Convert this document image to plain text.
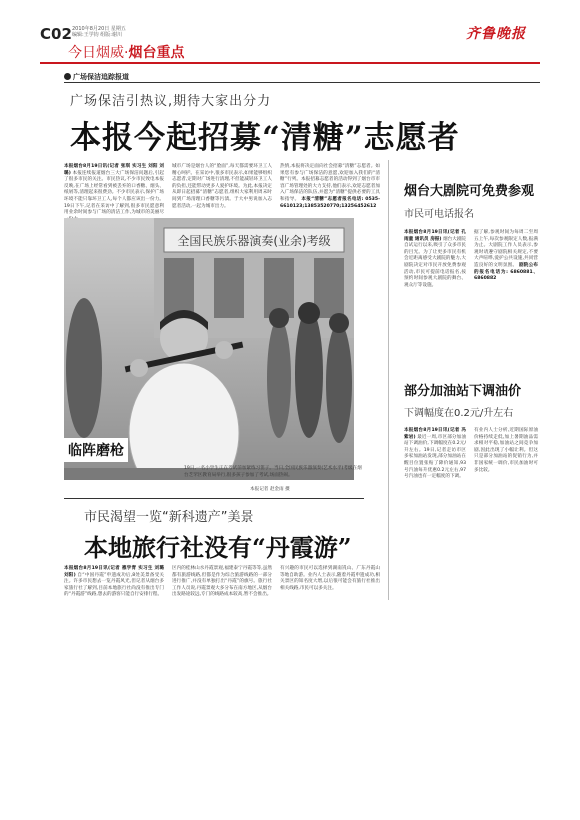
C02 2010年8月20日 星期五
编辑:王学钧 组版:谢川	齐鲁晚报
今日烟威·烟台重点
广场保洁追踪报道
广场保洁引热议,期待大家出分力
本报今起招募“清糖”志愿者
本报烟台8月19日讯(记者 张琪 实习生 刘阳 刘璐) 本报连续报道烟台三大广场保洁问题后,引起了很多市民的关注。市民热议,不少市民致电本报反映,在广场上经常看到被丢弃的口香糖、烟头、纸屑等,清理起来很费劲。不少市民表示,保护广场环境不能只靠环卫工人,每个人都应该出一份力。19日下午,记者在采访中了解到,很多市民愿意利用业余时间参与广场的清洁工作,为城市的美丽尽
城市广场是烟台人的“脸面”,每天都需要环卫工人精心呵护。在采访中,很多市民表示,如果能够组织志愿者,定期对广场进行清理,不但能减轻环卫工人的负担,还能带动更多人爱护环境。为此,本报决定从即日起招募“清糖”志愿者,组织大家利用周末时间到广场清理口香糖等污渍。于大中男说加入志愿者活动,一起为城市出力。
热情,本报将决定面向社会招募“清糖”志愿者。如果您有参与广场保洁的意愿,欢迎加入我们的“清糖”行列。本报招募志愿者的活动得到了烟台市市容广场管理处的大力支持,他们表示,欢迎志愿者加入广场保洁的队伍,并愿为“清糖”提供必要的工具和指导。 本报“清糖”志愿者报名电话: 0535-6610123;13853520770;13256452612
全国民族乐器演奏(业余)考级
临阵磨枪
19日,一名小学生正在考试前加紧练习笛子。当日,全国民族乐器演奏(艺术水平)考级在烟台芝罘区教育局举行,很多孩子参加了考试,场面热闹。
本报记者 赵金雨 摄
市民渴望一览“新科遗产”美景
本地旅行社没有“丹霞游”
本报烟台8月19日讯(记者 惠学青 实习生 刘璐 刘阳) 自“中国丹霞”申遗成功后,8处美景备受关注。许多市民想去一览丹霞风光,但记者从烟台多家旅行社了解到,目前本地旅行社尚没有推出专门的“丹霞游”线路,想去的游客只能自行安排行程。
区内的桂林山水丹霞景观,福建泰宁丹霞等等,虽然都有旅游线路,但都是作为综合旅游线路的一部分进行推广,并没有单独打出“丹霞”的旗号。旅行社工作人员说,丹霞景观大多分布在南方地区,从烟台出发路途较远,专门的线路成本较高,暂不会推出。
有兴趣的市民可以选择到湖南崀山、广东丹霞山等地自助游。业内人士表示,随着丹霞申遗成功,相关景区的知名度大增,以后很可能会有旅行社推出相关线路,市民可以多关注。
烟台大剧院可免费参观
市民可电话报名
本报烟台8月19日讯(记者 孔雨童 通讯员 房振) 烟台大剧院自试运行以来,吸引了众多市民的目光。为了让更多市民有机会近距离感受大剧院的魅力,大剧院决定对市民开放免费参观活动,市民可提前电话报名,按预约时间参观大剧院的舞台、观众厅等设施。
据了解,参观时间为每周二至周五上午,每次参观限定人数,报满为止。大剧院工作人员表示,参观时请遵守剧院相关规定,不要大声喧哗,爱护公共设施,共同营造良好的文明氛围。 剧院公布的报名电话为: 6860881、6860882
部分加油站下调油价
下调幅度在0.2元/升左右
本报烟台8月19日讯(记者 冯紫岩) 最近一周,市区部分加油站下调油价,下调幅度在0.2元/升左右。19日,记者走访市区多家加油站发现,部分加油站在醒目位置张贴了降价通知,93号汽油每升优惠0.2元左右,97号汽油也有一定幅度的下调。
有业内人士分析,近期国际原油价格持续走低,加上暑期油品需求相对平稳,加油站之间竞争加剧,因此出现了小幅让利。但这只是部分加油站的促销行为,并非国家统一调价,市民加油时可多比较。
